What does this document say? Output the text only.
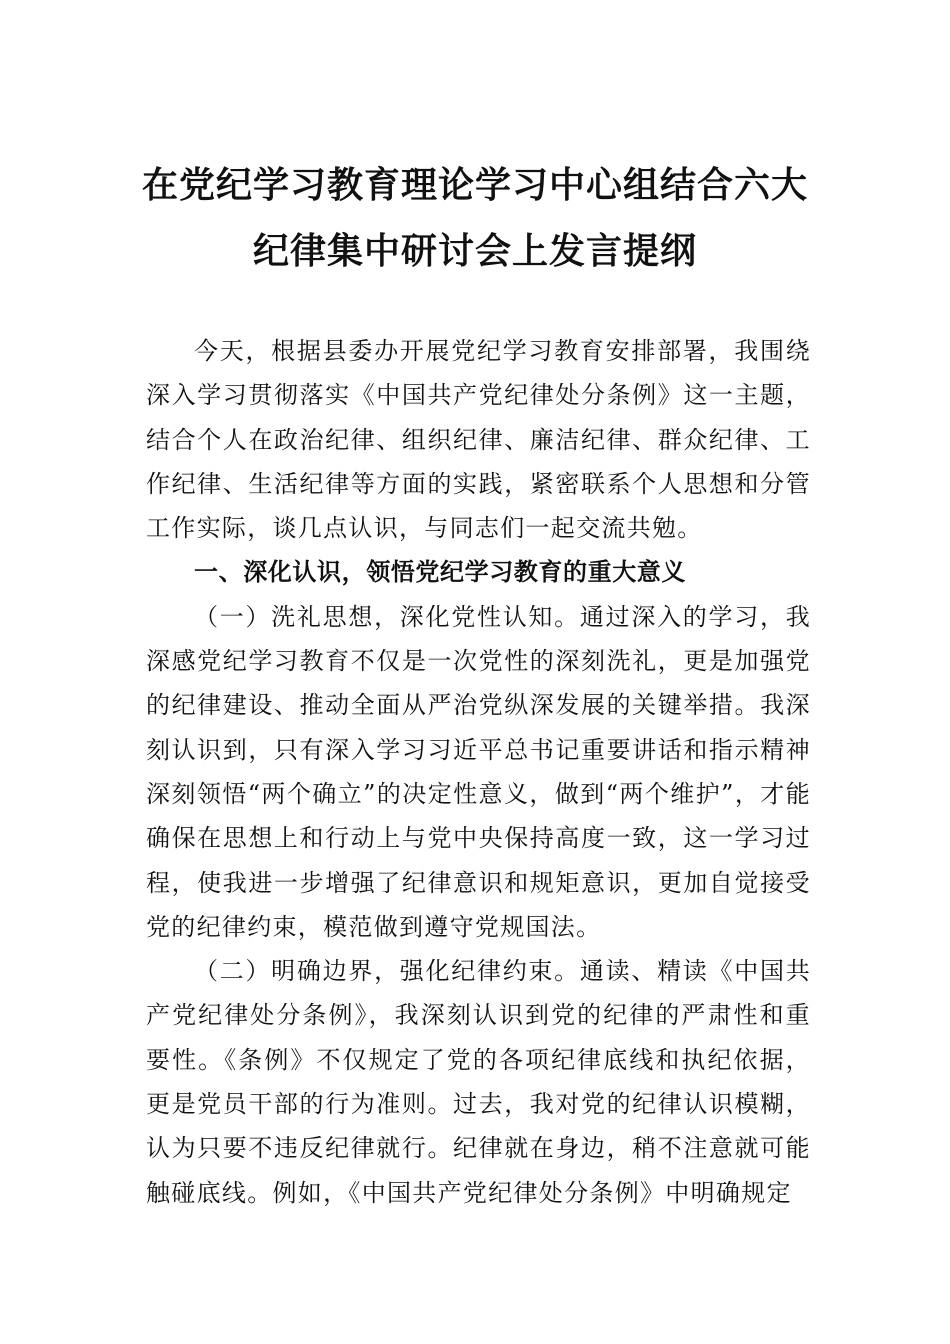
在党纪学习教育理论学习中心组结合六大
纪律集中研讨会上发言提纲

今天，根据县委办开展党纪学习教育安排部署，我围绕深入学习贯彻落实《中国共产党纪律处分条例》这一主题，结合个人在政治纪律、组织纪律、廉洁纪律、群众纪律、工作纪律、生活纪律等方面的实践，紧密联系个人思想和分管工作实际，谈几点认识，与同志们一起交流共勉。

一、深化认识，领悟党纪学习教育的重大意义

（一）洗礼思想，深化党性认知。通过深入的学习，我深感党纪学习教育不仅是一次党性的深刻洗礼，更是加强党的纪律建设、推动全面从严治党纵深发展的关键举措。我深刻认识到，只有深入学习习近平总书记重要讲话和指示精神深刻领悟“两个确立”的决定性意义，做到“两个维护”，才能确保在思想上和行动上与党中央保持高度一致，这一学习过程，使我进一步增强了纪律意识和规矩意识，更加自觉接受党的纪律约束，模范做到遵守党规国法。

（二）明确边界，强化纪律约束。通读、精读《中国共产党纪律处分条例》，我深刻认识到党的纪律的严肃性和重要性。《条例》不仅规定了党的各项纪律底线和执纪依据，更是党员干部的行为准则。过去，我对党的纪律认识模糊，认为只要不违反纪律就行。纪律就在身边，稍不注意就可能触碰底线。例如，《中国共产党纪律处分条例》中明确规定
